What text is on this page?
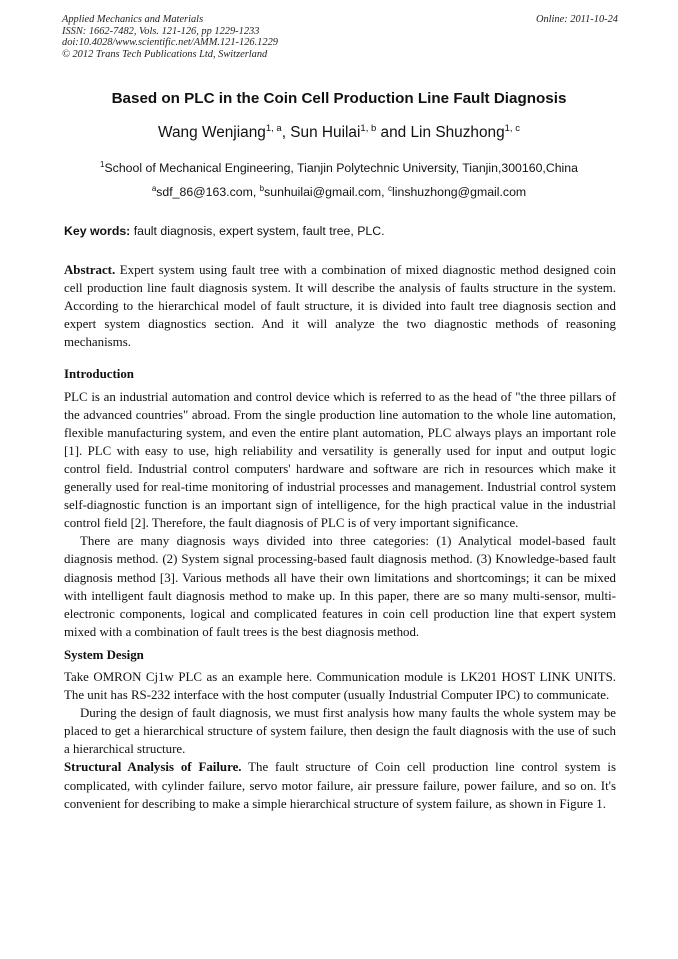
Applied Mechanics and Materials
ISSN: 1662-7482, Vols. 121-126, pp 1229-1233
doi:10.4028/www.scientific.net/AMM.121-126.1229
© 2012 Trans Tech Publications Ltd, Switzerland
Online: 2011-10-24
Based on PLC in the Coin Cell Production Line Fault Diagnosis
Wang Wenjiang$^{1, a}$, Sun Huilai$^{1, b}$ and Lin Shuzhong$^{1, c}$
$^1$School of Mechanical Engineering, Tianjin Polytechnic University, Tianjin,300160,China
$^a$sdf_86@163.com, $^b$sunhuilai@gmail.com, $^c$linshuzhong@gmail.com
Key words: fault diagnosis, expert system, fault tree, PLC.

Abstract. Expert system using fault tree with a combination of mixed diagnostic method designed coin cell production line fault diagnosis system. It will describe the analysis of faults structure in the system. According to the hierarchical model of fault structure, it is divided into fault tree diagnosis section and expert system diagnostics section. And it will analyze the two diagnostic methods of reasoning mechanisms.

Introduction

PLC is an industrial automation and control device which is referred to as the head of "the three pillars of the advanced countries" abroad. From the single production line automation to the whole line automation, flexible manufacturing system, and even the entire plant automation, PLC always plays an important role [1]. PLC with easy to use, high reliability and versatility is generally used for input and output logic control field. Industrial control computers' hardware and software are rich in resources which make it generally used for real-time monitoring of industrial processes and management. Industrial control system self-diagnostic function is an important sign of intelligence, for the high practical value in the industrial control field [2]. Therefore, the fault diagnosis of PLC is of very important significance.

There are many diagnosis ways divided into three categories: (1) Analytical model-based fault diagnosis method. (2) System signal processing-based fault diagnosis method. (3) Knowledge-based fault diagnosis method [3]. Various methods all have their own limitations and shortcomings; it can be mixed with intelligent fault diagnosis method to make up. In this paper, there are so many multi-sensor, multi-electronic components, logical and complicated features in coin cell production line that expert system mixed with a combination of fault trees is the best diagnosis method.

System Design

Take OMRON Cj1w PLC as an example here. Communication module is LK201 HOST LINK UNITS. The unit has RS-232 interface with the host computer (usually Industrial Computer IPC) to communicate.

During the design of fault diagnosis, we must first analysis how many faults the whole system may be placed to get a hierarchical structure of system failure, then design the fault diagnosis with the use of such a hierarchical structure.

Structural Analysis of Failure. The fault structure of Coin cell production line control system is complicated, with cylinder failure, servo motor failure, air pressure failure, power failure, and so on. It's convenient for describing to make a simple hierarchical structure of system failure, as shown in Figure 1.
